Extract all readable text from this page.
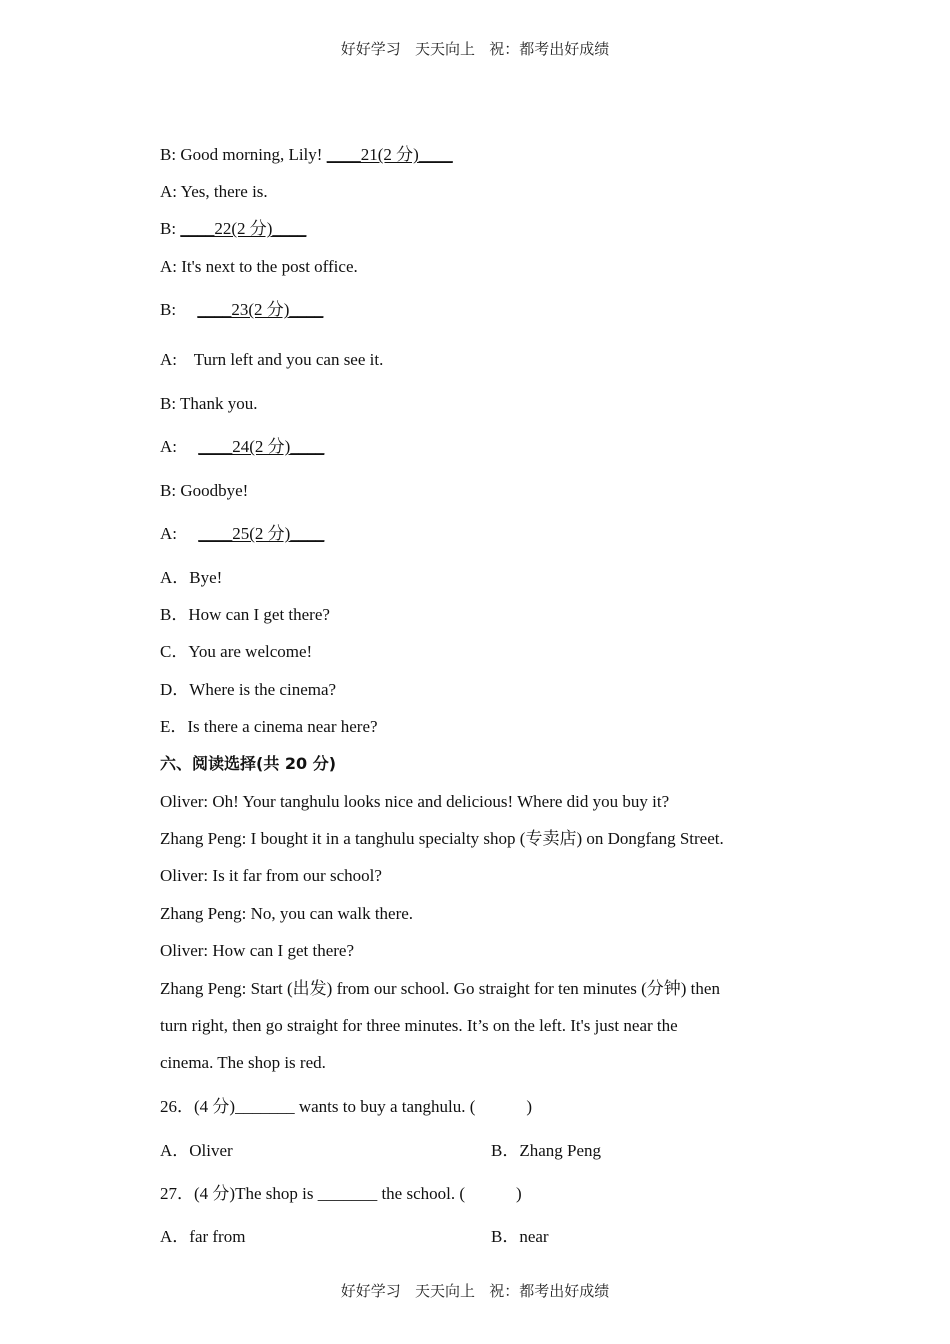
好好学习   天天向上   祝：都考出好成绩
B: Good morning, Lily! ____21(2 分)____
A: Yes, there is.
B: ____22(2 分)____
A: It's next to the post office.
B: ____23(2 分)____
A: Turn left and you can see it.
B: Thank you.
A: ____24(2 分)____
B: Goodbye!
A: ____25(2 分)____
A．Bye!
B．How can I get there?
C．You are welcome!
D．Where is the cinema?
E．Is there a cinema near here?
六、阅读选择(共 20 分)
Oliver: Oh! Your tanghulu looks nice and delicious! Where did you buy it?
Zhang Peng: I bought it in a tanghulu specialty shop (专卖店) on Dongfang Street.
Oliver: Is it far from our school?
Zhang Peng: No, you can walk there.
Oliver: How can I get there?
Zhang Peng: Start (出发) from our school. Go straight for ten minutes (分钟) then
turn right, then go straight for three minutes. It’s on the left. It's just near the
cinema. The shop is red.
26．(4 分)_______ wants to buy a tanghulu. (            )
A．Oliver	B．Zhang Peng
27．(4 分)The shop is _______ the school. (            )
A．far from	B．near
好好学习   天天向上   祝：都考出好成绩
